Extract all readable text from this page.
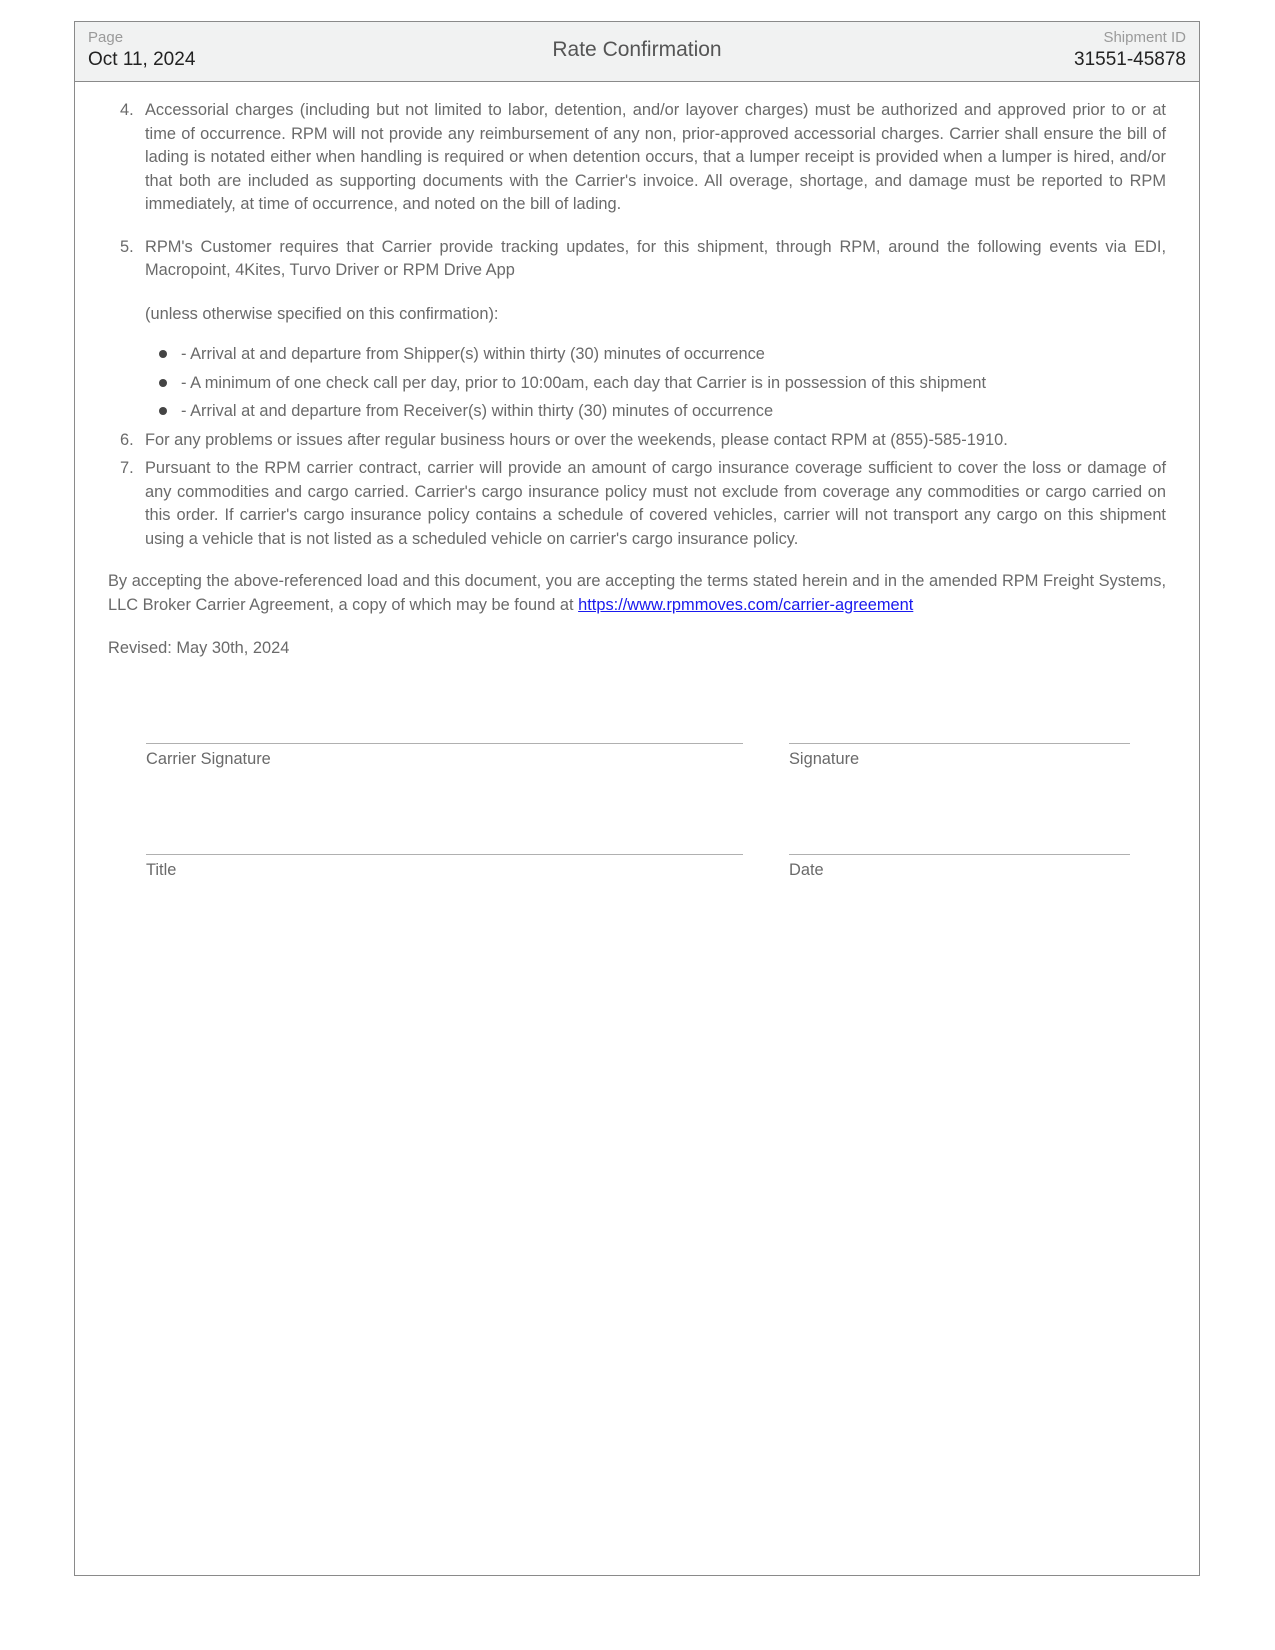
Page
Oct 11, 2024	Rate Confirmation
Shipment ID
31551-45878
4. Accessorial charges (including but not limited to labor, detention, and/or layover charges) must be authorized and approved prior to or at time of occurrence. RPM will not provide any reimbursement of any non, prior-approved accessorial charges. Carrier shall ensure the bill of lading is notated either when handling is required or when detention occurs, that a lumper receipt is provided when a lumper is hired, and/or that both are included as supporting documents with the Carrier's invoice. All overage, shortage, and damage must be reported to RPM immediately, at time of occurrence, and noted on the bill of lading.
5. RPM's Customer requires that Carrier provide tracking updates, for this shipment, through RPM, around the following events via EDI, Macropoint, 4Kites, Turvo Driver or RPM Drive App
(unless otherwise specified on this confirmation):
- Arrival at and departure from Shipper(s) within thirty (30) minutes of occurrence
- A minimum of one check call per day, prior to 10:00am, each day that Carrier is in possession of this shipment
- Arrival at and departure from Receiver(s) within thirty (30) minutes of occurrence
6. For any problems or issues after regular business hours or over the weekends, please contact RPM at (855)-585-1910.
7. Pursuant to the RPM carrier contract, carrier will provide an amount of cargo insurance coverage sufficient to cover the loss or damage of any commodities and cargo carried. Carrier's cargo insurance policy must not exclude from coverage any commodities or cargo carried on this order. If carrier's cargo insurance policy contains a schedule of covered vehicles, carrier will not transport any cargo on this shipment using a vehicle that is not listed as a scheduled vehicle on carrier's cargo insurance policy.
By accepting the above-referenced load and this document, you are accepting the terms stated herein and in the amended RPM Freight Systems, LLC Broker Carrier Agreement, a copy of which may be found at https://www.rpmmoves.com/carrier-agreement
Revised: May 30th, 2024
Carrier Signature	Signature
Title	Date
